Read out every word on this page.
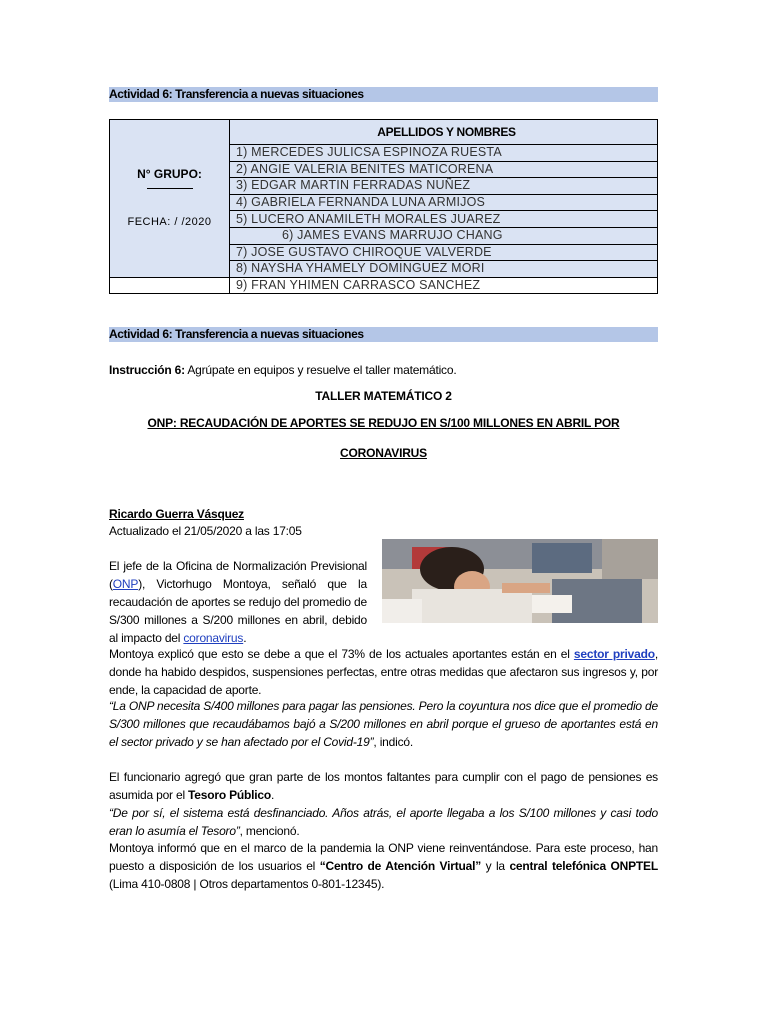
Actividad 6: Transferencia a nuevas situaciones
N° GRUPO:
FECHA: / /2020	APELLIDOS Y NOMBRES
	1) MERCEDES JULICSA ESPINOZA RUESTA
	2) ANGIE VALERIA BENITES MATICORENA
	3) EDGAR MARTIN FERRADAS NUÑEZ
	4) GABRIELA FERNANDA LUNA ARMIJOS
	5) LUCERO ANAMILETH MORALES JUAREZ
	6) JAMES EVANS MARRUJO CHANG
	7) JOSE GUSTAVO CHIROQUE VALVERDE
	8) NAYSHA YHAMELY DOMINGUEZ MORI
	9) FRAN YHIMEN CARRASCO SANCHEZ
Actividad 6: Transferencia a nuevas situaciones
Instrucción 6: Agrúpate en equipos y resuelve el taller matemático.
TALLER MATEMÁTICO 2
ONP: RECAUDACIÓN DE APORTES SE REDUJO EN S/100 MILLONES EN ABRIL POR
CORONAVIRUS
Ricardo Guerra Vásquez
Actualizado el 21/05/2020 a las 17:05
El jefe de la Oficina de Normalización Previsional (ONP), Victorhugo Montoya, señaló que la recaudación de aportes se redujo del promedio de S/300 millones a S/200 millones en abril, debido al impacto del coronavirus.
Montoya explicó que esto se debe a que el 73% de los actuales aportantes están en el sector privado, donde ha habido despidos, suspensiones perfectas, entre otras medidas que afectaron sus ingresos y, por ende, la capacidad de aporte.
“La ONP necesita S/400 millones para pagar las pensiones. Pero la coyuntura nos dice que el promedio de S/300 millones que recaudábamos bajó a S/200 millones en abril porque el grueso de aportantes está en el sector privado y se han afectado por el Covid-19”, indicó.
El funcionario agregó que gran parte de los montos faltantes para cumplir con el pago de pensiones es asumida por el Tesoro Público.
“De por sí, el sistema está desfinanciado. Años atrás, el aporte llegaba a los S/100 millones y casi todo eran lo asumía el Tesoro”, mencionó.
Montoya informó que en el marco de la pandemia la ONP viene reinventándose. Para este proceso, han puesto a disposición de los usuarios el “Centro de Atención Virtual” y la central telefónica ONPTEL (Lima 410-0808 | Otros departamentos 0-801-12345).
